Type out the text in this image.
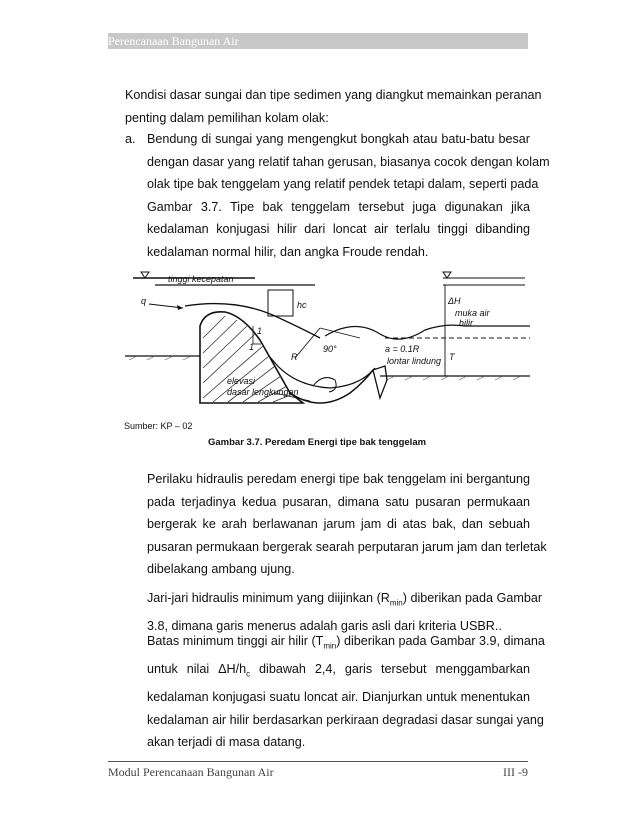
Perencanaan Bangunan Air

Kondisi dasar sungai dan tipe sedimen yang diangkut memainkan peranan
penting dalam pemilihan kolam olak:

a. Bendung di sungai yang mengengkut bongkah atau batu-batu besar
dengan dasar yang relatif tahan gerusan, biasanya cocok dengan kolam
olak tipe bak tenggelam yang relatif pendek tetapi dalam, seperti pada
Gambar 3.7. Tipe bak tenggelam tersebut juga digunakan jika
kedalaman konjugasi hilir dari loncat air terlalu tinggi dibanding
kedalaman normal hilir, dan angka Froude rendah.

tinggi kecepatan
q	hc
R
90°
1
1
ΔH
muka air
hilir
T
a = 0.1R
lontar lindung
elevasi
dasar lengkungan
Sumber: KP – 02
Gambar 3.7. Peredam Energi tipe bak tenggelam

Perilaku hidraulis peredam energi tipe bak tenggelam ini bergantung
pada terjadinya kedua pusaran, dimana satu pusaran permukaan
bergerak ke arah berlawanan jarum jam di atas bak, dan sebuah
pusaran permukaan bergerak searah perputaran jarum jam dan terletak
dibelakang ambang ujung.

Jari-jari hidraulis minimum yang diijinkan $(R_{min})$ diberikan pada Gambar
3.8, dimana garis menerus adalah garis asli dari kriteria USBR..

Batas minimum tinggi air hilir $(T_{min})$ diberikan pada Gambar 3.9, dimana
untuk nilai $\Delta H/h_c$ dibawah 2,4, garis tersebut menggambarkan
kedalaman konjugasi suatu loncat air. Dianjurkan untuk menentukan
kedalaman air hilir berdasarkan perkiraan degradasi dasar sungai yang
akan terjadi di masa datang.

Modul Perencanaan Bangunan Air	III -9
